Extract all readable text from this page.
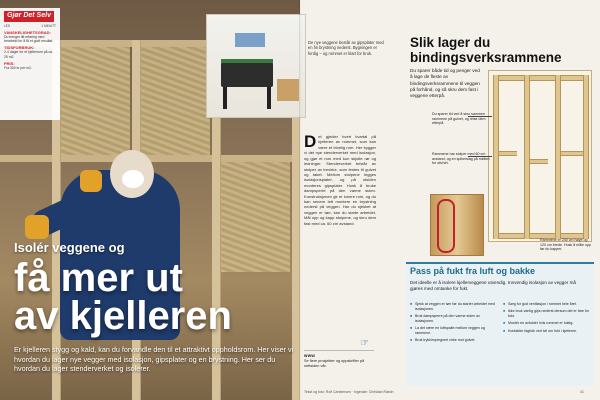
Gjør Det Selv
LES	1 MINUTT
VANSKELIGHETSGRAD:
Du trenger litt erfaring med trearbeid for å få et godt resultat.
TIDSFORBRUK:
2-4 dager for et kjellerrom på ca. 25 m2.
PRIS:
Fra 300 kr per m2.
Isolér veggene og
få mer ut
av kjelleren
Er kjelleren stygg og kald, kan du forvandle den til et attraktivt oppholdsrom. Her viser vi hvordan du lager nye vegger med isolasjon, gipsplater og en brystning. Her ser du hvordan du lager stenderverket og isolerer.
De nye veggene består av gipsplater med en fin brystning nederst. Bygningen er ferdig – og rommet er klart for bruk.
Det gjelder hvert kvartal på kjelleren av rommet, som kan være et trivelig rom. Her bygger vi det nye stenderverket med isolasjon, og gjør et rom med kun skjulte rør og ledninger. Stenderverket består av stolper av trevirke, som festes til gulvet og taket. Mellom stolpene legges isolasjonsplater, og på utsiden monteres gipsplater. Husk å bruke dampsperre på den varme siden. Konstruksjonen gir et lunere rom, og du kan senere lett montere en brystning nederst på veggen. Har du sjekket at veggen er tørr, kan du starte arbeidet. Mål opp og kapp stolpene, og skru dem fast med ca. 60 cm avstand.
☞
www
Se flere prosjekter og oppskrifter på nettsiden vår.
Tekst og foto: Rolf Carstensen · Ingeniør: Christian Ratvin
Slik lager du
bindingsverksrammene
Du sparer både tid og penger ved å lage de fleste av bindingsverksrammene til veggen på forhånd, og så skru dem fast i veggene etterpå.
Du sparer tid ved å skru sammen rammene på gulvet, og reise dem etterpå.
Rammene har stolper med 60 cm avstand, og en spikerslag på midten for stivhet.
Rammene er 240 cm høye og 120 cm brede. Husk å måle opp før du kapper.
Pass på fukt fra luft og bakke
Det ideelle er å isolere kjellerveggene utvendig. Innvendig isolasjon av vegger må gjøres med omtanke for fukt.
■ Sjekk at veggen er tørr før du starter arbeidet med isolasjonen.
■ Bruk dampsperre på den varme siden av isolasjonen.
■ La det være en luftspalte mellom veggen og rammene.
■ Bruk trykkimpregnert virke mot gulvet.
■ Sørg for god ventilasjon i rommet hele året.
■ Ikke bruk vanlig gips nederst dersom det er fare for fukt.
■ Montér en avfukter hvis rommet er fuktig.
■ Kontakter fagfolk ved tvil om fukt i kjelleren.
41
